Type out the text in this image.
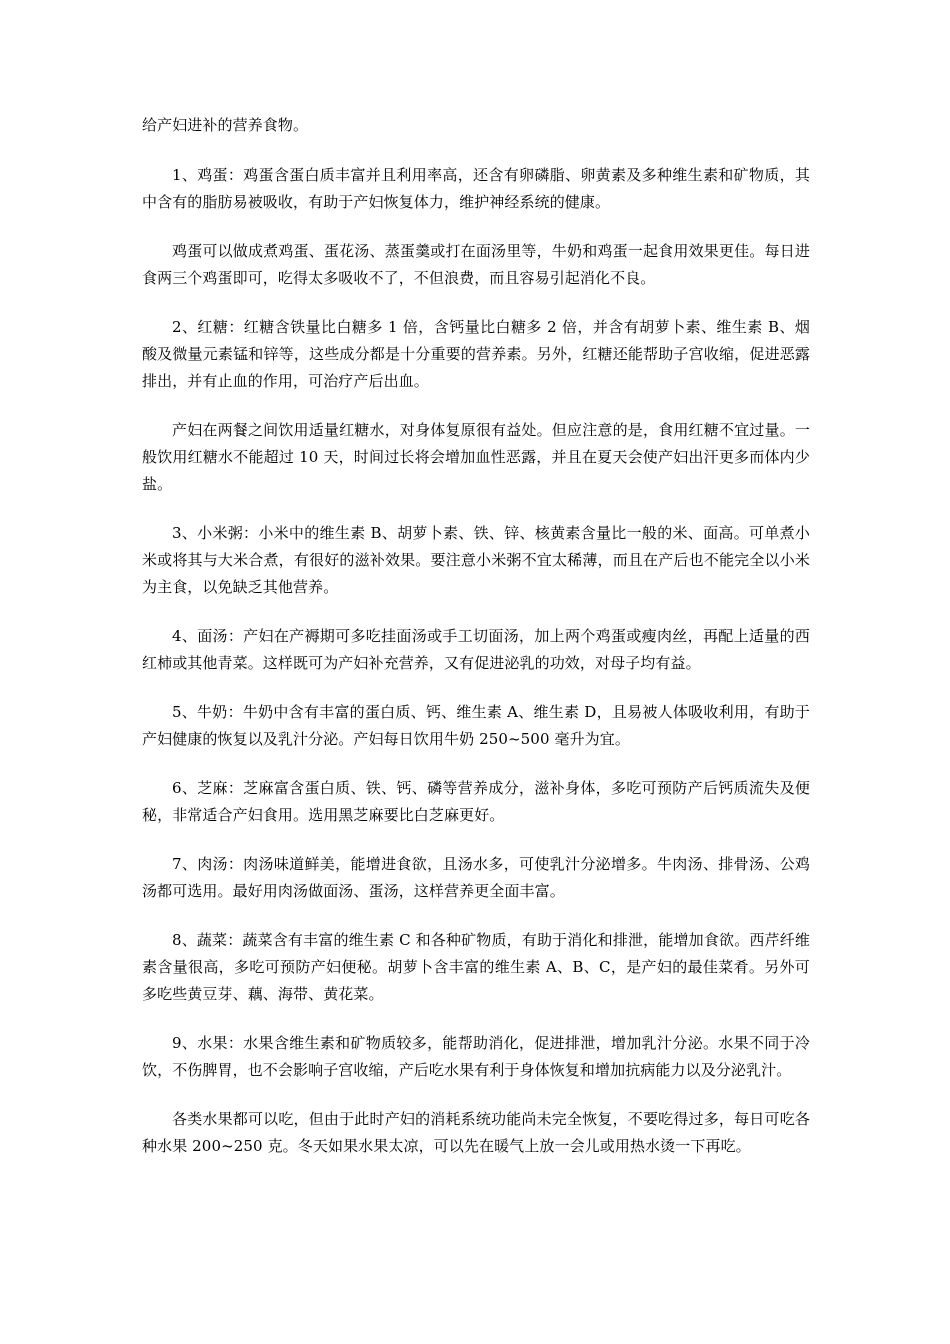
给产妇进补的营养食物。

1、鸡蛋：鸡蛋含蛋白质丰富并且利用率高，还含有卵磷脂、卵黄素及多种维生素和矿物质，其中含有的脂肪易被吸收，有助于产妇恢复体力，维护神经系统的健康。

鸡蛋可以做成煮鸡蛋、蛋花汤、蒸蛋羹或打在面汤里等，牛奶和鸡蛋一起食用效果更佳。每日进食两三个鸡蛋即可，吃得太多吸收不了，不但浪费，而且容易引起消化不良。

2、红糖：红糖含铁量比白糖多 1 倍，含钙量比白糖多 2 倍，并含有胡萝卜素、维生素 B、烟酸及微量元素锰和锌等，这些成分都是十分重要的营养素。另外，红糖还能帮助子宫收缩，促进恶露排出，并有止血的作用，可治疗产后出血。

产妇在两餐之间饮用适量红糖水，对身体复原很有益处。但应注意的是，食用红糖不宜过量。一般饮用红糖水不能超过 10 天，时间过长将会增加血性恶露，并且在夏天会使产妇出汗更多而体内少盐。

3、小米粥：小米中的维生素 B、胡萝卜素、铁、锌、核黄素含量比一般的米、面高。可单煮小米或将其与大米合煮，有很好的滋补效果。要注意小米粥不宜太稀薄，而且在产后也不能完全以小米为主食，以免缺乏其他营养。

4、面汤：产妇在产褥期可多吃挂面汤或手工切面汤，加上两个鸡蛋或瘦肉丝，再配上适量的西红柿或其他青菜。这样既可为产妇补充营养，又有促进泌乳的功效，对母子均有益。

5、牛奶：牛奶中含有丰富的蛋白质、钙、维生素 A、维生素 D，且易被人体吸收利用，有助于产妇健康的恢复以及乳汁分泌。产妇每日饮用牛奶 250~500 毫升为宜。

6、芝麻：芝麻富含蛋白质、铁、钙、磷等营养成分，滋补身体，多吃可预防产后钙质流失及便秘，非常适合产妇食用。选用黑芝麻要比白芝麻更好。

7、肉汤：肉汤味道鲜美，能增进食欲，且汤水多，可使乳汁分泌增多。牛肉汤、排骨汤、公鸡汤都可选用。最好用肉汤做面汤、蛋汤，这样营养更全面丰富。

8、蔬菜：蔬菜含有丰富的维生素 C 和各种矿物质，有助于消化和排泄，能增加食欲。西芹纤维素含量很高，多吃可预防产妇便秘。胡萝卜含丰富的维生素 A、B、C，是产妇的最佳菜肴。另外可多吃些黄豆芽、藕、海带、黄花菜。

9、水果：水果含维生素和矿物质较多，能帮助消化，促进排泄，增加乳汁分泌。水果不同于冷饮，不伤脾胃，也不会影响子宫收缩，产后吃水果有利于身体恢复和增加抗病能力以及分泌乳汁。

各类水果都可以吃，但由于此时产妇的消耗系统功能尚未完全恢复，不要吃得过多，每日可吃各种水果 200~250 克。冬天如果水果太凉，可以先在暖气上放一会儿或用热水烫一下再吃。
